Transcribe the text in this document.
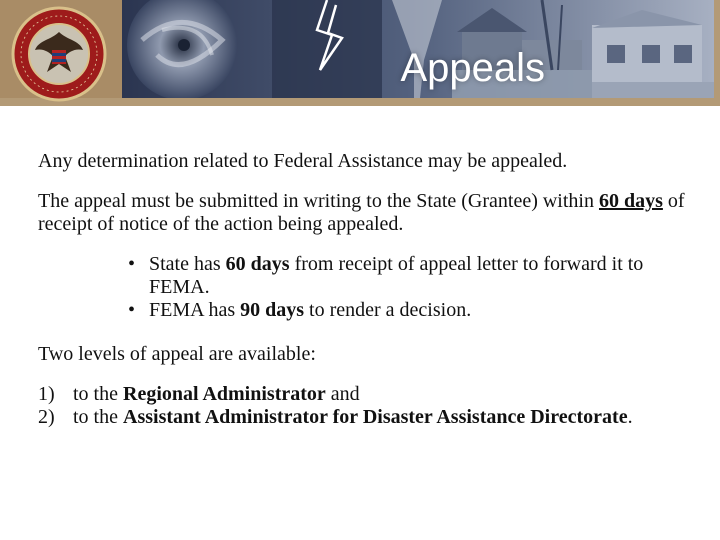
Appeals

Any determination related to Federal Assistance may be appealed.

The appeal must be submitted in writing to the State (Grantee) within 60 days of receipt of notice of the action being appealed.

• State has 60 days from receipt of appeal letter to forward it to FEMA.
• FEMA has 90 days to render a decision.

Two levels of appeal are available:

1) to the Regional Administrator and
2) to the Assistant Administrator for Disaster Assistance Directorate.
